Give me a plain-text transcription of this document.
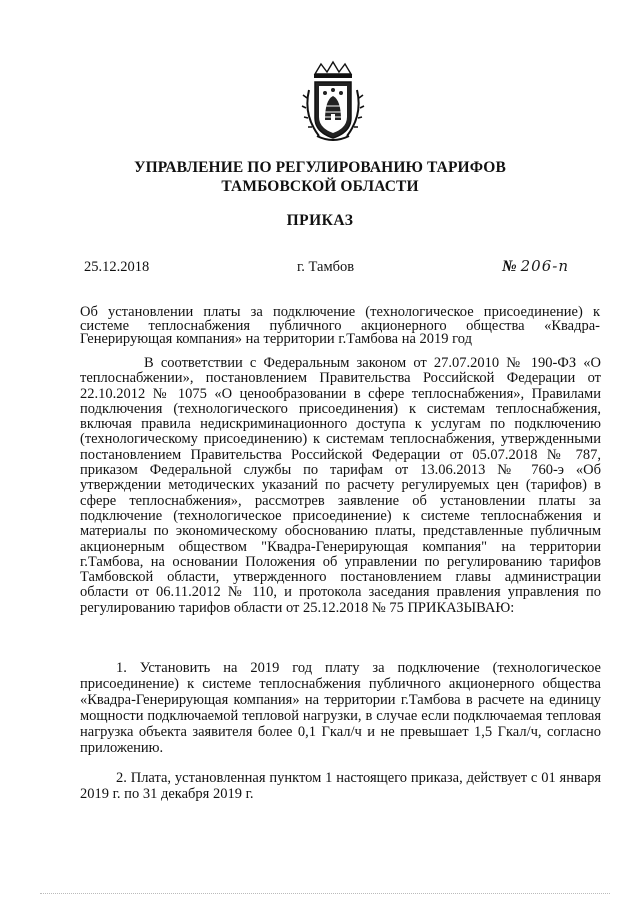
УПРАВЛЕНИЕ ПО РЕГУЛИРОВАНИЮ ТАРИФОВ
ТАМБОВСКОЙ ОБЛАСТИ
ПРИКАЗ
25.12.2018	г. Тамбов	№ 206-п
Об установлении платы за подключение (технологическое присоединение) к системе теплоснабжения публичного акционерного общества «Квадра-Генерирующая компания» на территории г.Тамбова на 2019 год
В соответствии с Федеральным законом от 27.07.2010 № 190-ФЗ «О теплоснабжении», постановлением Правительства Российской Федерации от 22.10.2012 № 1075 «О ценообразовании в сфере теплоснабжения», Правилами подключения (технологического присоединения) к системам теплоснабжения, включая правила недискриминационного доступа к услугам по подключению (технологическому присоединению) к системам теплоснабжения, утвержденными постановлением Правительства Российской Федерации от 05.07.2018 № 787, приказом Федеральной службы по тарифам от 13.06.2013 № 760-э «Об утверждении методических указаний по расчету регулируемых цен (тарифов) в сфере теплоснабжения», рассмотрев заявление об установлении платы за подключение (технологическое присоединение) к системе теплоснабжения и материалы по экономическому обоснованию платы, представленные публичным акционерным обществом "Квадра-Генерирующая компания" на территории г.Тамбова, на основании Положения об управлении по регулированию тарифов Тамбовской области, утвержденного постановлением главы администрации области от 06.11.2012 № 110, и протокола заседания правления управления по регулированию тарифов области от 25.12.2018 № 75 ПРИКАЗЫВАЮ:
1. Установить на 2019 год плату за подключение (технологическое присоединение) к системе теплоснабжения публичного акционерного общества «Квадра-Генерирующая компания» на территории г.Тамбова в расчете на единицу мощности подключаемой тепловой нагрузки, в случае если подключаемая тепловая нагрузка объекта заявителя более 0,1 Гкал/ч и не превышает 1,5 Гкал/ч, согласно приложению.
2. Плата, установленная пунктом 1 настоящего приказа, действует с 01 января 2019 г. по 31 декабря 2019 г.
